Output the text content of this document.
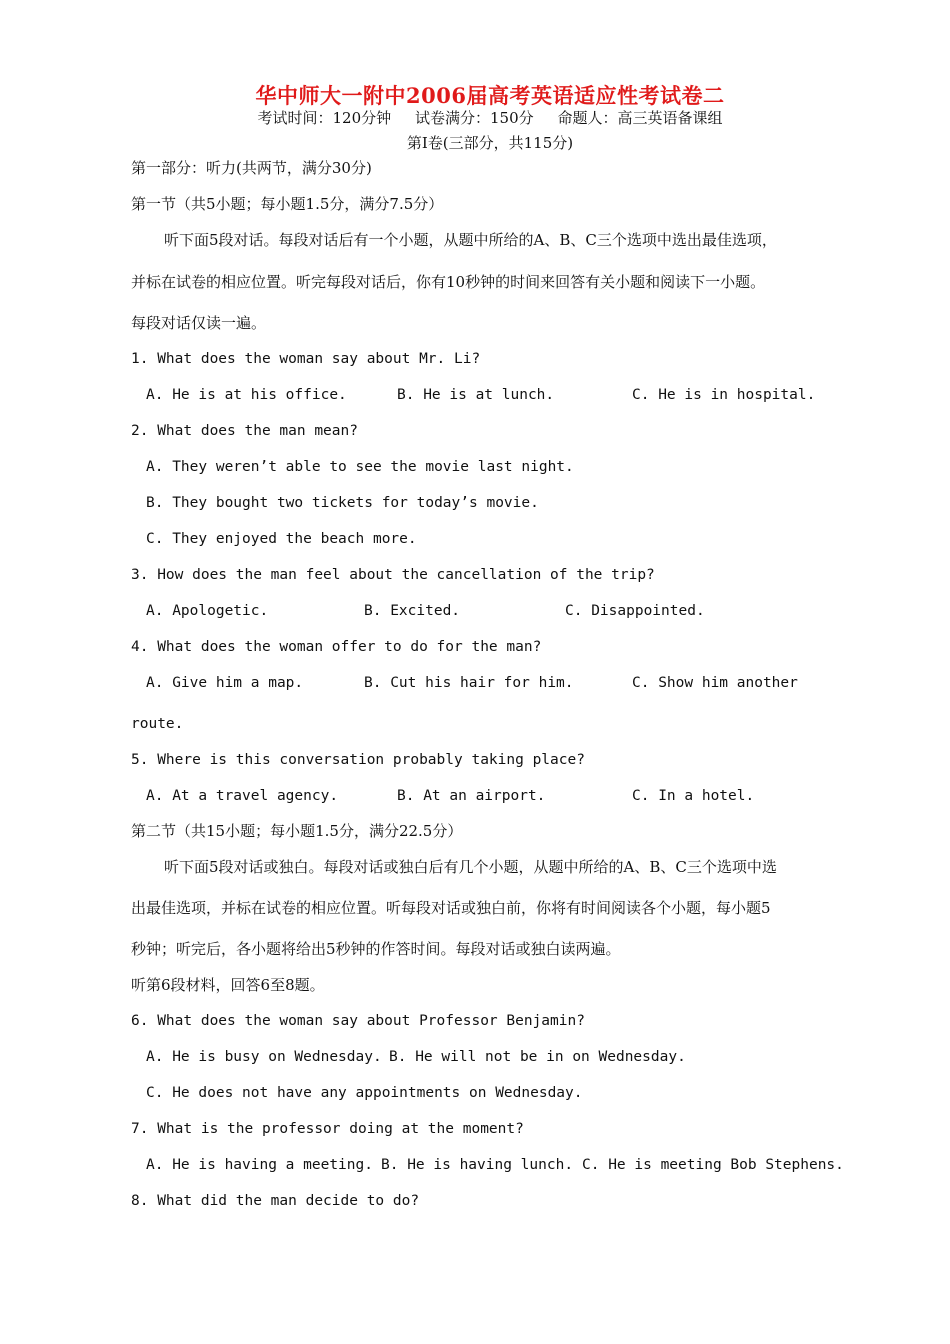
华中师大一附中2006届高考英语适应性考试卷二
考试时间：120分钟     试卷满分：150分     命题人：高三英语备课组
第Ⅰ卷(三部分，共115分)
第一部分：听力(共两节，满分30分)
第一节（共5小题；每小题1.5分，满分7.5分）
听下面5段对话。每段对话后有一个小题，从题中所给的A、B、C三个选项中选出最佳选项，
并标在试卷的相应位置。听完每段对话后，你有10秒钟的时间来回答有关小题和阅读下一小题。
每段对话仅读一遍。
1. What does the woman say about Mr. Li?
A. He is at his office.	B. He is at lunch.	C. He is in hospital.
2. What does the man mean?
A. They weren’t able to see the movie last night.
B. They bought two tickets for today’s movie.
C. They enjoyed the beach more.
3. How does the man feel about the cancellation of the trip?
A. Apologetic.	B. Excited.	C. Disappointed.
4. What does the woman offer to do for the man?
A. Give him a map.	B. Cut his hair for him.	C. Show him another
route.
5. Where is this conversation probably taking place?
A. At a travel agency.	B. At an airport.	C. In a hotel.
第二节（共15小题；每小题1.5分，满分22.5分）
听下面5段对话或独白。每段对话或独白后有几个小题，从题中所给的A、B、C三个选项中选
出最佳选项，并标在试卷的相应位置。听每段对话或独白前，你将有时间阅读各个小题，每小题5
秒钟；听完后，各小题将给出5秒钟的作答时间。每段对话或独白读两遍。
听第6段材料，回答6至8题。
6. What does the woman say about Professor Benjamin?
A. He is busy on Wednesday. B. He will not be in on Wednesday.
C. He does not have any appointments on Wednesday.
7. What is the professor doing at the moment?
A. He is having a meeting. B. He is having lunch. C. He is meeting Bob Stephens.
8. What did the man decide to do?
